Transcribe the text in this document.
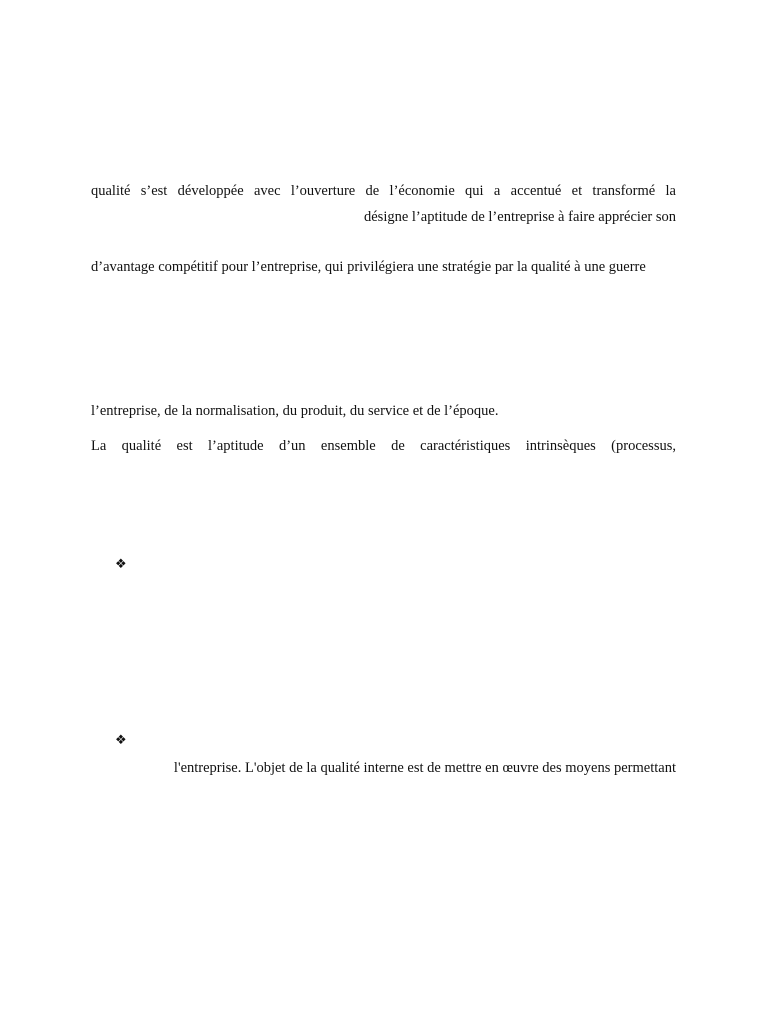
qualité s’est développée avec l’ouverture de l’économie qui a accentué et transformé la
désigne l’aptitude de l’entreprise à faire apprécier son
d’avantage compétitif pour l’entreprise, qui privilégiera une stratégie par la qualité à une guerre
l’entreprise, de la normalisation, du produit, du service et de l’époque.
La qualité est l’aptitude d’un ensemble de caractéristiques intrinsèques (processus,
❖
❖
l'entreprise. L'objet de la qualité interne est de mettre en œuvre des moyens permettant
